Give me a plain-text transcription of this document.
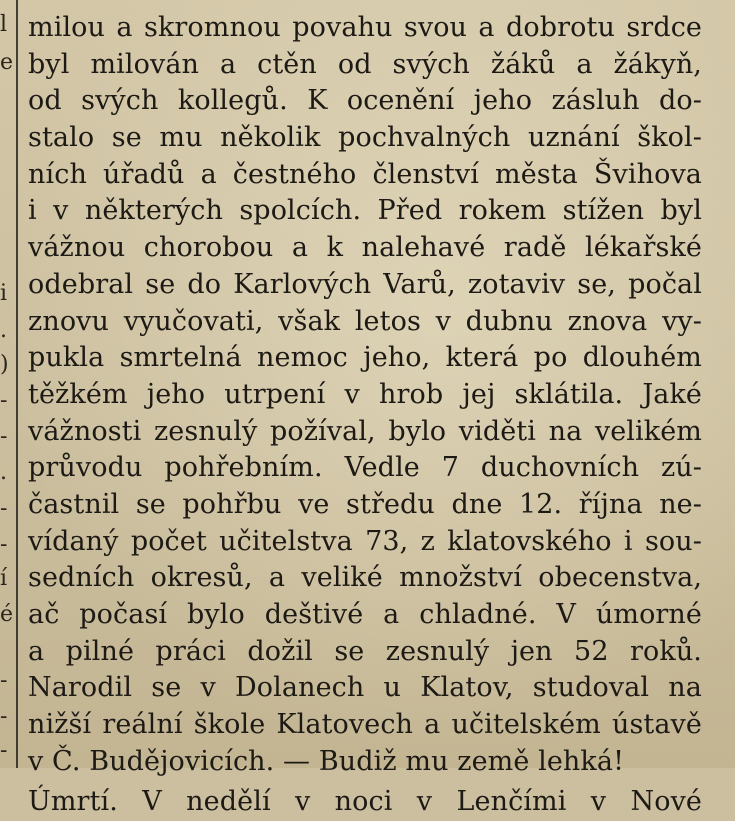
l
e
i
.
)
-
-
.
-
-
í
é
-
-
-
milou a skromnou povahu svou a dobrotu srdce
byl milován a ctěn od svých žáků a žákyň,
od svých kollegů. K ocenění jeho zásluh do-
stalo se mu několik pochvalných uznání škol-
ních úřadů a čestného členství města Švihova
i v některých spolcích. Před rokem stížen byl
vážnou chorobou a k nalehavé radě lékařské
odebral se do Karlových Varů, zotaviv se, počal
znovu vyučovati, však letos v dubnu znova vy-
pukla smrtelná nemoc jeho, která po dlouhém
těžkém jeho utrpení v hrob jej sklátila. Jaké
vážnosti zesnulý požíval, bylo viděti na velikém
průvodu pohřebním. Vedle 7 duchovních zú-
častnil se pohřbu ve středu dne 12. října ne-
vídaný počet učitelstva 73, z klatovského i sou-
sedních okresů, a veliké množství obecenstva,
ač počasí bylo deštivé a chladné. V úmorné
a pilné práci dožil se zesnulý jen 52 roků.
Narodil se v Dolanech u Klatov, studoval na
nižší reální škole Klatovech a učitelském ústavě
v Č. Budějovicích. — Budiž mu země lehká!
Úmrtí. V nedělí v noci v Lenčími v Nové
